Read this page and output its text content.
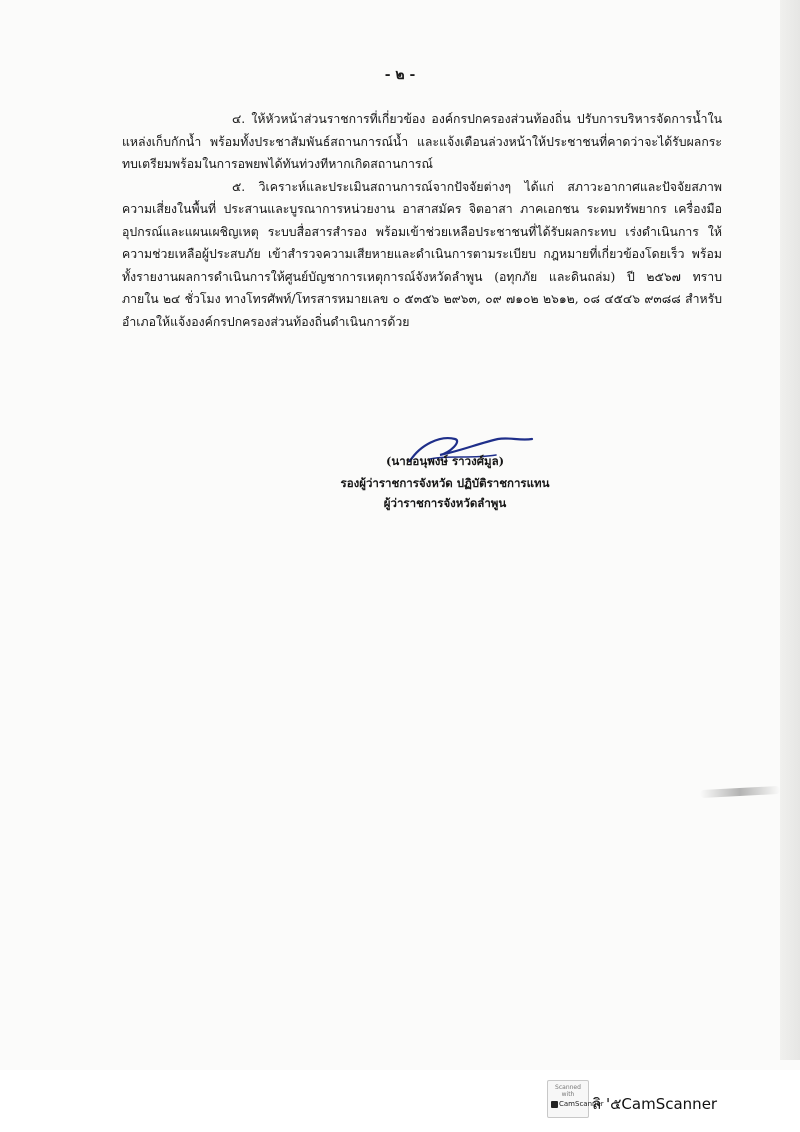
- ๒ -

๔. ให้หัวหน้าส่วนราชการที่เกี่ยวข้อง องค์กรปกครองส่วนท้องถิ่น ปรับการบริหารจัดการน้ำในแหล่งเก็บกักน้ำ พร้อมทั้งประชาสัมพันธ์สถานการณ์น้ำ และแจ้งเตือนล่วงหน้าให้ประชาชนที่คาดว่าจะได้รับผลกระทบเตรียมพร้อมในการอพยพได้ทันท่วงทีหากเกิดสถานการณ์

๕. วิเคราะห์และประเมินสถานการณ์จากปัจจัยต่างๆ ได้แก่ สภาวะอากาศและปัจจัยสภาพความเสี่ยงในพื้นที่ ประสานและบูรณาการหน่วยงาน อาสาสมัคร จิตอาสา ภาคเอกชน ระดมทรัพยากร เครื่องมืออุปกรณ์และแผนเผชิญเหตุ ระบบสื่อสารสำรอง พร้อมเข้าช่วยเหลือประชาชนที่ได้รับผลกระทบ เร่งดำเนินการ ให้ความช่วยเหลือผู้ประสบภัย เข้าสำรวจความเสียหายและดำเนินการตามระเบียบ กฎหมายที่เกี่ยวข้องโดยเร็ว พร้อมทั้งรายงานผลการดำเนินการให้ศูนย์บัญชาการเหตุการณ์จังหวัดลำพูน (อทุกภัย และดินถล่ม) ปี ๒๕๖๗ ทราบ ภายใน ๒๔ ชั่วโมง ทางโทรศัพท์/โทรสารหมายเลข ๐ ๕๓๕๖ ๒๙๖๓, ๐๙ ๗๑๐๒ ๒๖๑๒, ๐๘ ๔๕๔๖ ๙๓๘๘ สำหรับอำเภอให้แจ้งองค์กรปกครองส่วนท้องถิ่นดำเนินการด้วย

(นายอนุพงษ์ ราวงศ์มูล)
รองผู้ว่าราชการจังหวัด ปฏิบัติราชการแทน
ผู้ว่าราชการจังหวัดลำพูน
Scanned with
CamScanner
ลิ '๕CamScanner
